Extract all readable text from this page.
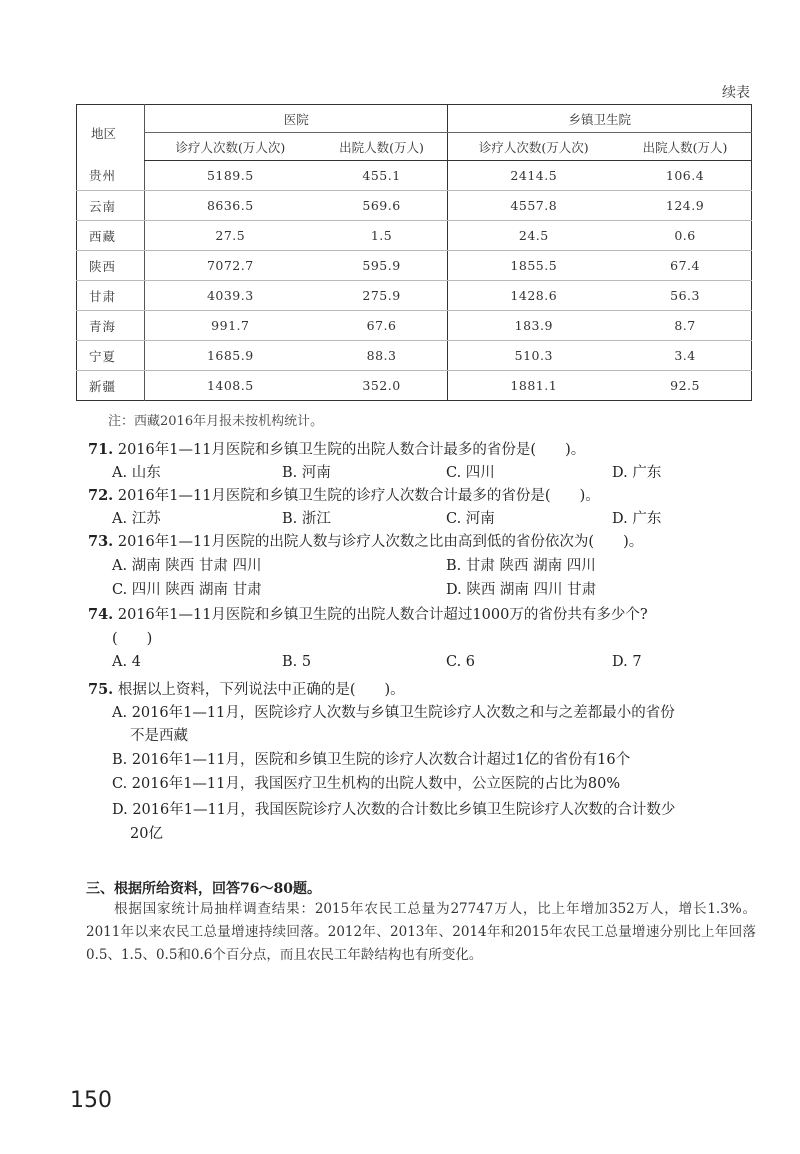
续表
地区	医院		乡镇卫生院	
	诊疗人次数(万人次)	出院人数(万人)	诊疗人次数(万人次)	出院人数(万人)
贵州	5189.5	455.1	2414.5	106.4
云南	8636.5	569.6	4557.8	124.9
西藏	27.5	1.5	24.5	0.6
陕西	7072.7	595.9	1855.5	67.4
甘肃	4039.3	275.9	1428.6	56.3
青海	991.7	67.6	183.9	8.7
宁夏	1685.9	88.3	510.3	3.4
新疆	1408.5	352.0	1881.1	92.5
注：西藏2016年月报未按机构统计。
71. 2016年1—11月医院和乡镇卫生院的出院人数合计最多的省份是(　　)。
A. 山东	B. 河南	C. 四川	D. 广东
72. 2016年1—11月医院和乡镇卫生院的诊疗人次数合计最多的省份是(　　)。
A. 江苏	B. 浙江	C. 河南	D. 广东
73. 2016年1—11月医院的出院人数与诊疗人次数之比由高到低的省份依次为(　　)。
A. 湖南 陕西 甘肃 四川	B. 甘肃 陕西 湖南 四川
C. 四川 陕西 湖南 甘肃	D. 陕西 湖南 四川 甘肃
74. 2016年1—11月医院和乡镇卫生院的出院人数合计超过1000万的省份共有多少个?
(　　)
A. 4	B. 5	C. 6	D. 7
75. 根据以上资料，下列说法中正确的是(　　)。
A. 2016年1—11月，医院诊疗人次数与乡镇卫生院诊疗人次数之和与之差都最小的省份
不是西藏
B. 2016年1—11月，医院和乡镇卫生院的诊疗人次数合计超过1亿的省份有16个
C. 2016年1—11月，我国医疗卫生机构的出院人数中，公立医院的占比为80%
D. 2016年1—11月，我国医院诊疗人次数的合计数比乡镇卫生院诊疗人次数的合计数少
20亿
三、根据所给资料，回答76～80题。
根据国家统计局抽样调查结果：2015年农民工总量为27747万人，比上年增加352万人，增长1.3%。2011年以来农民工总量增速持续回落。2012年、2013年、2014年和2015年农民工总量增速分别比上年回落0.5、1.5、0.5和0.6个百分点，而且农民工年龄结构也有所变化。
150
